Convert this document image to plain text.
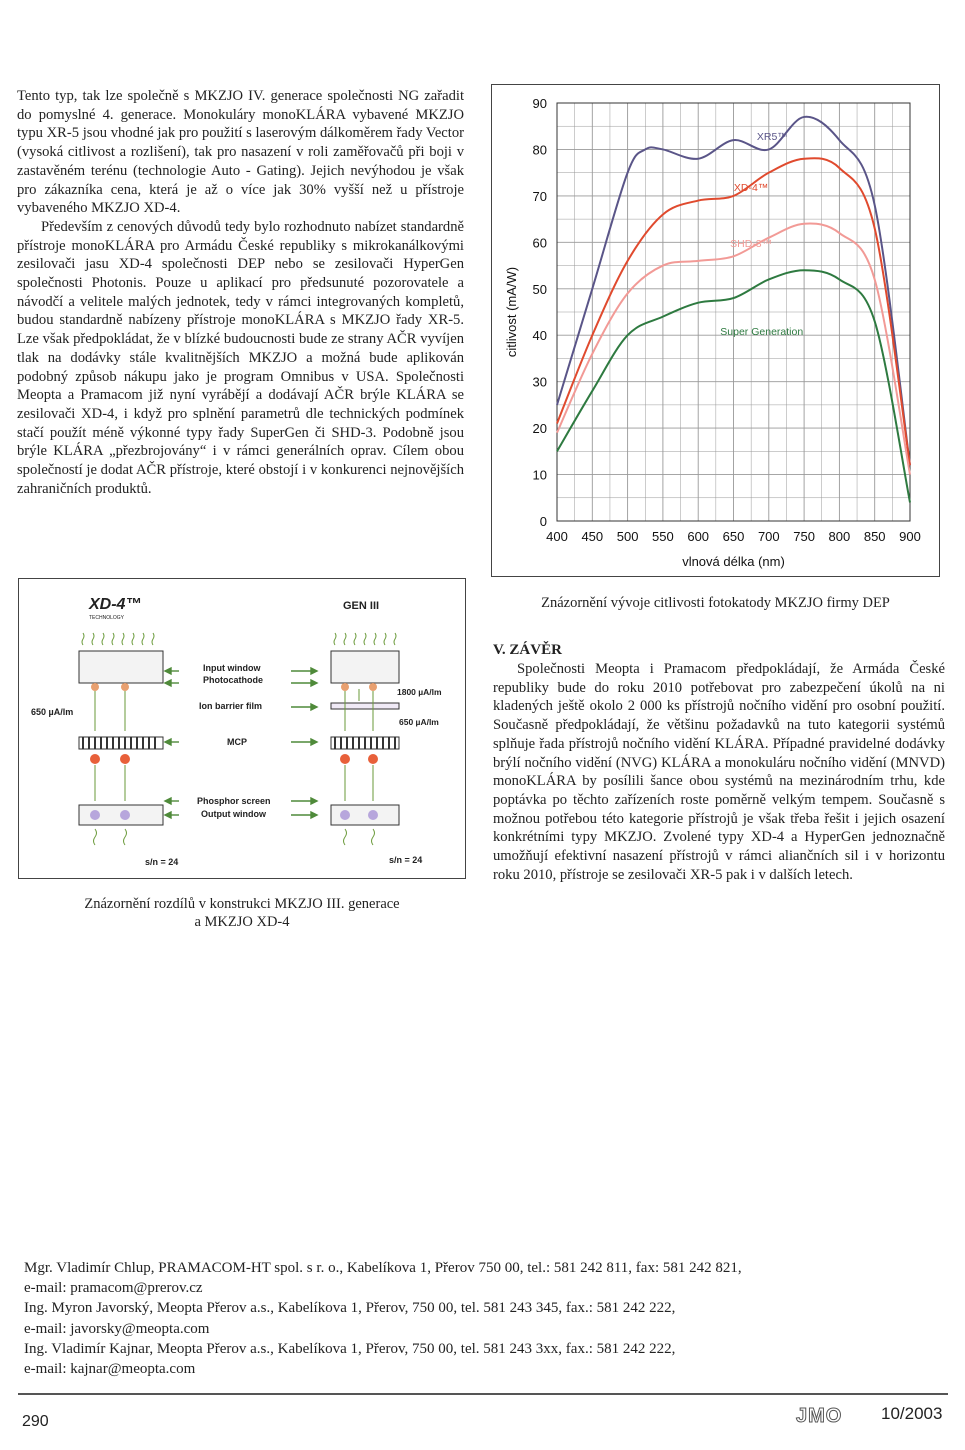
Tento typ, tak lze společně s MKZJO IV. generace společnosti NG zařadit do pomyslné 4. generace. Monokuláry monoKLÁRA vybavené MKZJO typu XR-5 jsou vhodné jak pro použití s laserovým dálkoměrem řady Vector (vysoká citlivost a rozlišení), tak pro nasazení v roli zaměřovačů při boji v zastavěném terénu (technologie Auto - Gating). Jejich nevýhodou je však pro zákazníka cena, která je až o více jak 30% vyšší než u přístroje vybaveného MKZJO XD-4.

Především z cenových důvodů tedy bylo rozhodnuto nabízet standardně přístroje monoKLÁRA pro Armádu České republiky s mikrokanálkovými zesilovači jasu XD-4 společnosti DEP nebo se zesilovači HyperGen společnosti Photonis. Pouze u aplikací pro předsunuté pozorovatele a návodčí a velitele malých jednotek, tedy v rámci integrovaných kompletů, budou standardně nabízeny přístroje monoKLÁRA s MKZJO řady XR-5. Lze však předpokládat, že v blízké budoucnosti bude ze strany AČR vyvíjen tlak na dodávky stále kvalitnějších MKZJO a možná bude aplikován podobný způsob nákupu jako je program Omnibus v USA. Společnosti Meopta a Pramacom již nyní vyrábějí a dodávají AČR brýle KLÁRA se zesilovači XD-4, i když pro splnění parametrů dle technických podmínek stačí použít méně výkonné typy řady SuperGen či SHD-3. Podobně jsou brýle KLÁRA „přezbrojovány“ i v rámci generálních oprav. Cílem obou společností je dodat AČR přístroje, které obstojí i v konkurenci nejnovějších zahraničních produktů.

400 450 500 550 600 650 700 750 800 850 900
0
10
20
30
40
50
60
70
80
90
vlnová délka (nm)
citlivost (mA/W)
XR5™
XD-4™
SHD-3™
Super Generation
Znázornění vývoje citlivosti fotokatody MKZJO firmy DEP
XD-4™
TECHNOLOGY
GEN III
650 µA/lm
s/n = 24
Input window
Photocathode
Ion barrier film
MCP
Phosphor screen
Output window
1800 µA/lm
650 µA/lm
s/n = 24
Znázornění rozdílů v konstrukci MKZJO III. generace
a MKZJO XD-4
V. ZÁVĚR
Společnosti Meopta i Pramacom předpokládají, že Armáda České republiky bude do roku 2010 potřebovat pro zabezpečení úkolů na ni kladených ještě okolo 2 000 ks přístrojů nočního vidění pro osobní použití. Současně předpokládají, že většinu požadavků na tuto kategorii systémů splňuje řada přístrojů nočního vidění KLÁRA. Případné pravidelné dodávky brýlí nočního vidění (NVG) KLÁRA a monokuláru nočního vidění (MNVD) monoKLÁRA by posílili šance obou systémů na mezinárodním trhu, kde poptávka po těchto zařízeních roste poměrně velkým tempem. Současně s možnou potřebou této kategorie přístrojů je však třeba řešit i jejich osazení konkrétními typy MKZJO. Zvolené typy XD-4 a HyperGen jednoznačně umožňují efektivní nasazení přístrojů v rámci aliančních sil i v horizontu roku 2010, přístroje se zesilovači XR-5 pak i v dalších letech.
Mgr. Vladimír Chlup, PRAMACOM-HT spol. s r. o., Kabelíkova 1, Přerov 750 00, tel.: 581 242 811, fax: 581 242 821,
e-mail: pramacom@prerov.cz
Ing. Myron Javorský, Meopta Přerov a.s., Kabelíkova 1, Přerov, 750 00, tel. 581 243 345, fax.: 581 242 222,
e-mail: javorsky@meopta.com
Ing. Vladimír Kajnar, Meopta Přerov a.s., Kabelíkova 1, Přerov, 750 00, tel. 581 243 3xx, fax.: 581 242 222,
e-mail: kajnar@meopta.com
290	JMO 10/2003
